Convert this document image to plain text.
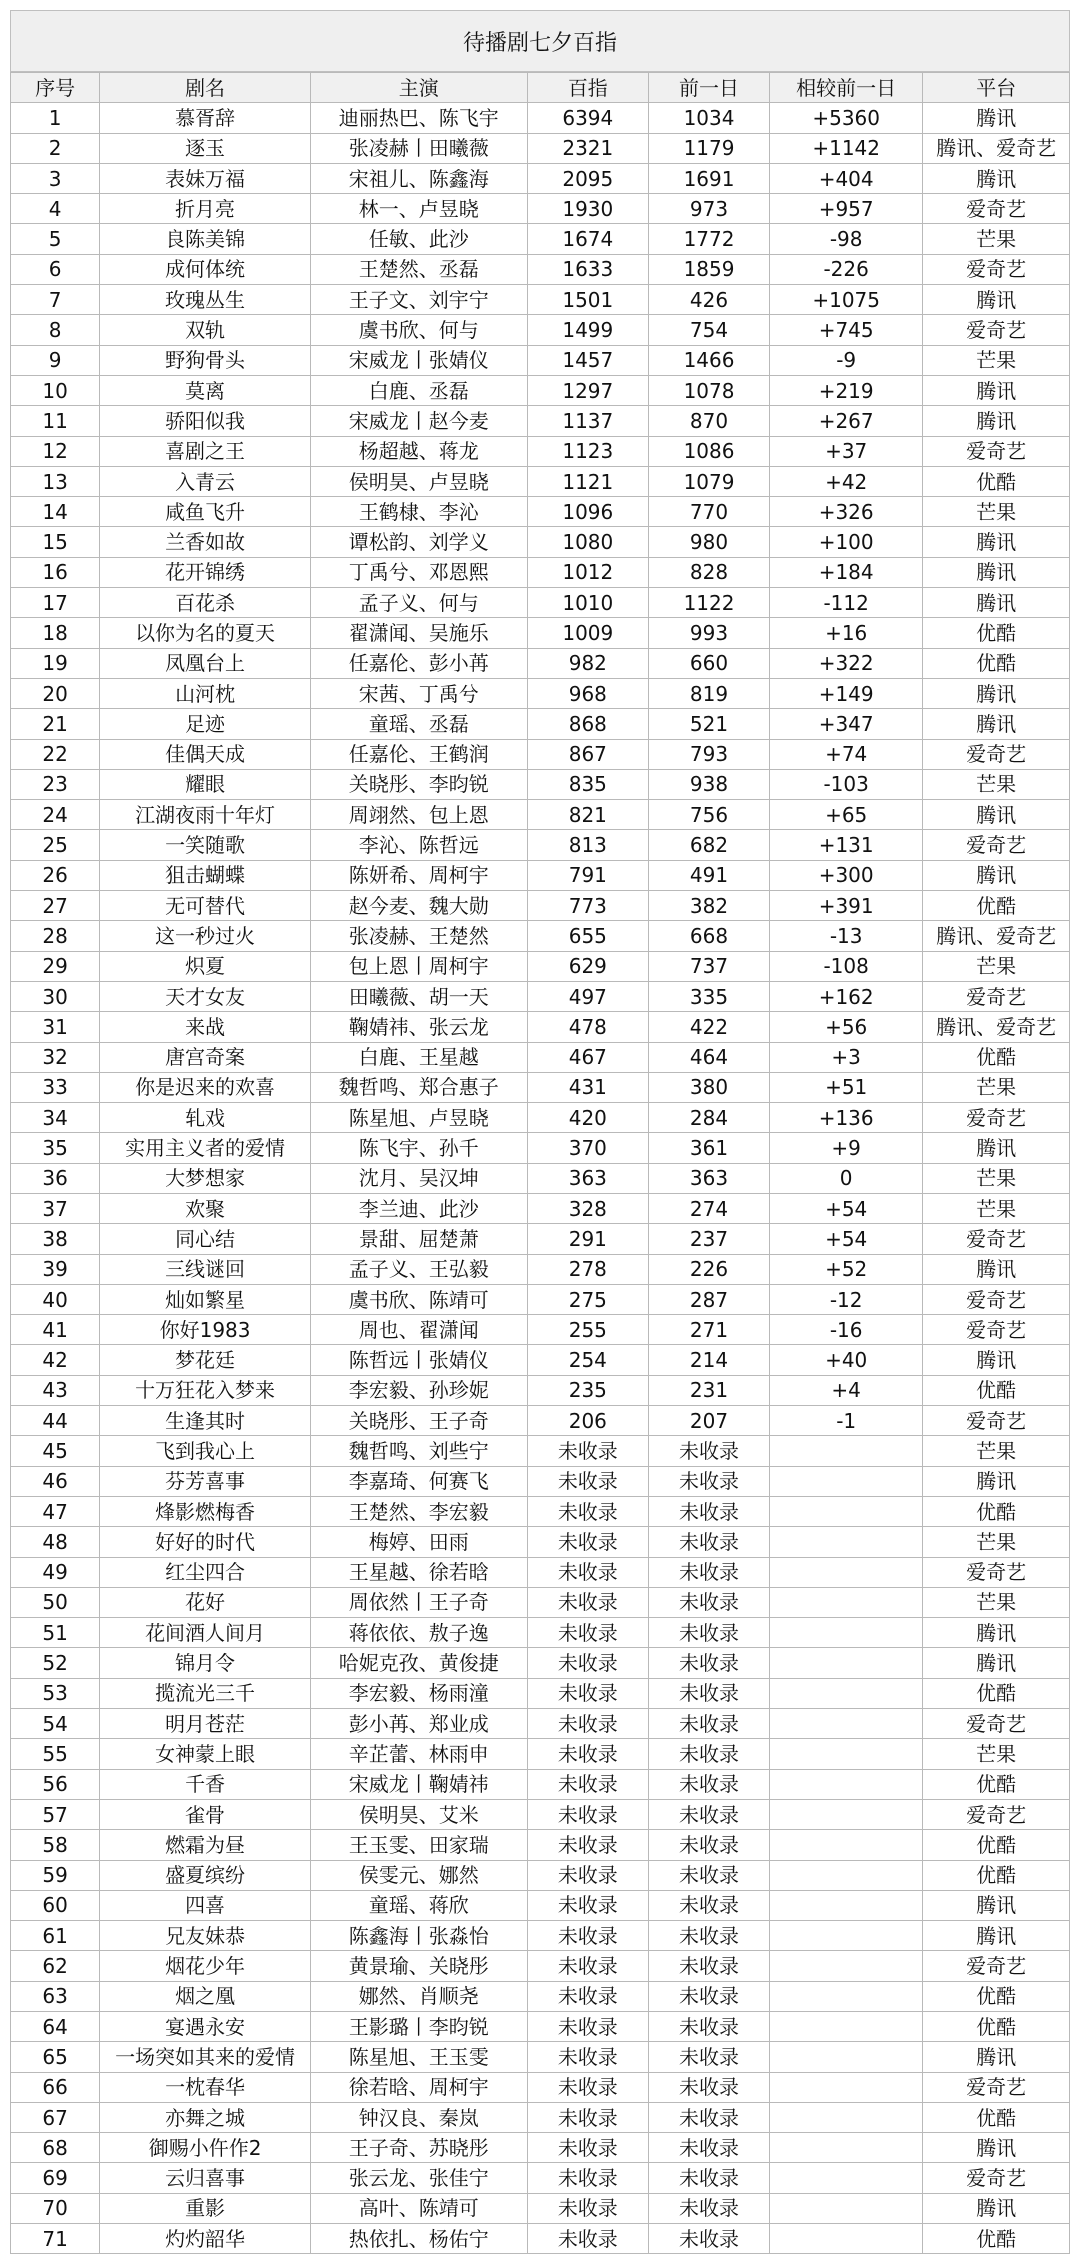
待播剧七夕百指
序号	剧名	主演	百指	前一日	相较前一日	平台
1	慕胥辞	迪丽热巴、陈飞宇	6394	1034	+5360	腾讯
2	逐玉	张凌赫丨田曦薇	2321	1179	+1142	腾讯、爱奇艺
3	表妹万福	宋祖儿、陈鑫海	2095	1691	+404	腾讯
4	折月亮	林一、卢昱晓	1930	973	+957	爱奇艺
5	良陈美锦	任敏、此沙	1674	1772	-98	芒果
6	成何体统	王楚然、丞磊	1633	1859	-226	爱奇艺
7	玫瑰丛生	王子文、刘宇宁	1501	426	+1075	腾讯
8	双轨	虞书欣、何与	1499	754	+745	爱奇艺
9	野狗骨头	宋威龙丨张婧仪	1457	1466	-9	芒果
10	莫离	白鹿、丞磊	1297	1078	+219	腾讯
11	骄阳似我	宋威龙丨赵今麦	1137	870	+267	腾讯
12	喜剧之王	杨超越、蒋龙	1123	1086	+37	爱奇艺
13	入青云	侯明昊、卢昱晓	1121	1079	+42	优酷
14	咸鱼飞升	王鹤棣、李沁	1096	770	+326	芒果
15	兰香如故	谭松韵、刘学义	1080	980	+100	腾讯
16	花开锦绣	丁禹兮、邓恩熙	1012	828	+184	腾讯
17	百花杀	孟子义、何与	1010	1122	-112	腾讯
18	以你为名的夏天	翟潇闻、吴施乐	1009	993	+16	优酷
19	凤凰台上	任嘉伦、彭小苒	982	660	+322	优酷
20	山河枕	宋茜、丁禹兮	968	819	+149	腾讯
21	足迹	童瑶、丞磊	868	521	+347	腾讯
22	佳偶天成	任嘉伦、王鹤润	867	793	+74	爱奇艺
23	耀眼	关晓彤、李昀锐	835	938	-103	芒果
24	江湖夜雨十年灯	周翊然、包上恩	821	756	+65	腾讯
25	一笑随歌	李沁、陈哲远	813	682	+131	爱奇艺
26	狙击蝴蝶	陈妍希、周柯宇	791	491	+300	腾讯
27	无可替代	赵今麦、魏大勋	773	382	+391	优酷
28	这一秒过火	张凌赫、王楚然	655	668	-13	腾讯、爱奇艺
29	炽夏	包上恩丨周柯宇	629	737	-108	芒果
30	天才女友	田曦薇、胡一天	497	335	+162	爱奇艺
31	来战	鞠婧祎、张云龙	478	422	+56	腾讯、爱奇艺
32	唐宫奇案	白鹿、王星越	467	464	+3	优酷
33	你是迟来的欢喜	魏哲鸣、郑合惠子	431	380	+51	芒果
34	轧戏	陈星旭、卢昱晓	420	284	+136	爱奇艺
35	实用主义者的爱情	陈飞宇、孙千	370	361	+9	腾讯
36	大梦想家	沈月、吴汉坤	363	363	0	芒果
37	欢聚	李兰迪、此沙	328	274	+54	芒果
38	同心结	景甜、屈楚萧	291	237	+54	爱奇艺
39	三线谜回	孟子义、王弘毅	278	226	+52	腾讯
40	灿如繁星	虞书欣、陈靖可	275	287	-12	爱奇艺
41	你好1983	周也、翟潇闻	255	271	-16	爱奇艺
42	梦花廷	陈哲远丨张婧仪	254	214	+40	腾讯
43	十万狂花入梦来	李宏毅、孙珍妮	235	231	+4	优酷
44	生逢其时	关晓彤、王子奇	206	207	-1	爱奇艺
45	飞到我心上	魏哲鸣、刘些宁	未收录	未收录		芒果
46	芬芳喜事	李嘉琦、何赛飞	未收录	未收录		腾讯
47	烽影燃梅香	王楚然、李宏毅	未收录	未收录		优酷
48	好好的时代	梅婷、田雨	未收录	未收录		芒果
49	红尘四合	王星越、徐若晗	未收录	未收录		爱奇艺
50	花好	周依然丨王子奇	未收录	未收录		芒果
51	花间酒人间月	蒋依依、敖子逸	未收录	未收录		腾讯
52	锦月令	哈妮克孜、黄俊捷	未收录	未收录		腾讯
53	揽流光三千	李宏毅、杨雨潼	未收录	未收录		优酷
54	明月苍茫	彭小苒、郑业成	未收录	未收录		爱奇艺
55	女神蒙上眼	辛芷蕾、林雨申	未收录	未收录		芒果
56	千香	宋威龙丨鞠婧祎	未收录	未收录		优酷
57	雀骨	侯明昊、艾米	未收录	未收录		爱奇艺
58	燃霜为昼	王玉雯、田家瑞	未收录	未收录		优酷
59	盛夏缤纷	侯雯元、娜然	未收录	未收录		优酷
60	四喜	童瑶、蒋欣	未收录	未收录		腾讯
61	兄友妹恭	陈鑫海丨张淼怡	未收录	未收录		腾讯
62	烟花少年	黄景瑜、关晓彤	未收录	未收录		爱奇艺
63	烟之凰	娜然、肖顺尧	未收录	未收录		优酷
64	宴遇永安	王影璐丨李昀锐	未收录	未收录		优酷
65	一场突如其来的爱情	陈星旭、王玉雯	未收录	未收录		腾讯
66	一枕春华	徐若晗、周柯宇	未收录	未收录		爱奇艺
67	亦舞之城	钟汉良、秦岚	未收录	未收录		优酷
68	御赐小仵作2	王子奇、苏晓彤	未收录	未收录		腾讯
69	云归喜事	张云龙、张佳宁	未收录	未收录		爱奇艺
70	重影	高叶、陈靖可	未收录	未收录		腾讯
71	灼灼韶华	热依扎、杨佑宁	未收录	未收录		优酷
